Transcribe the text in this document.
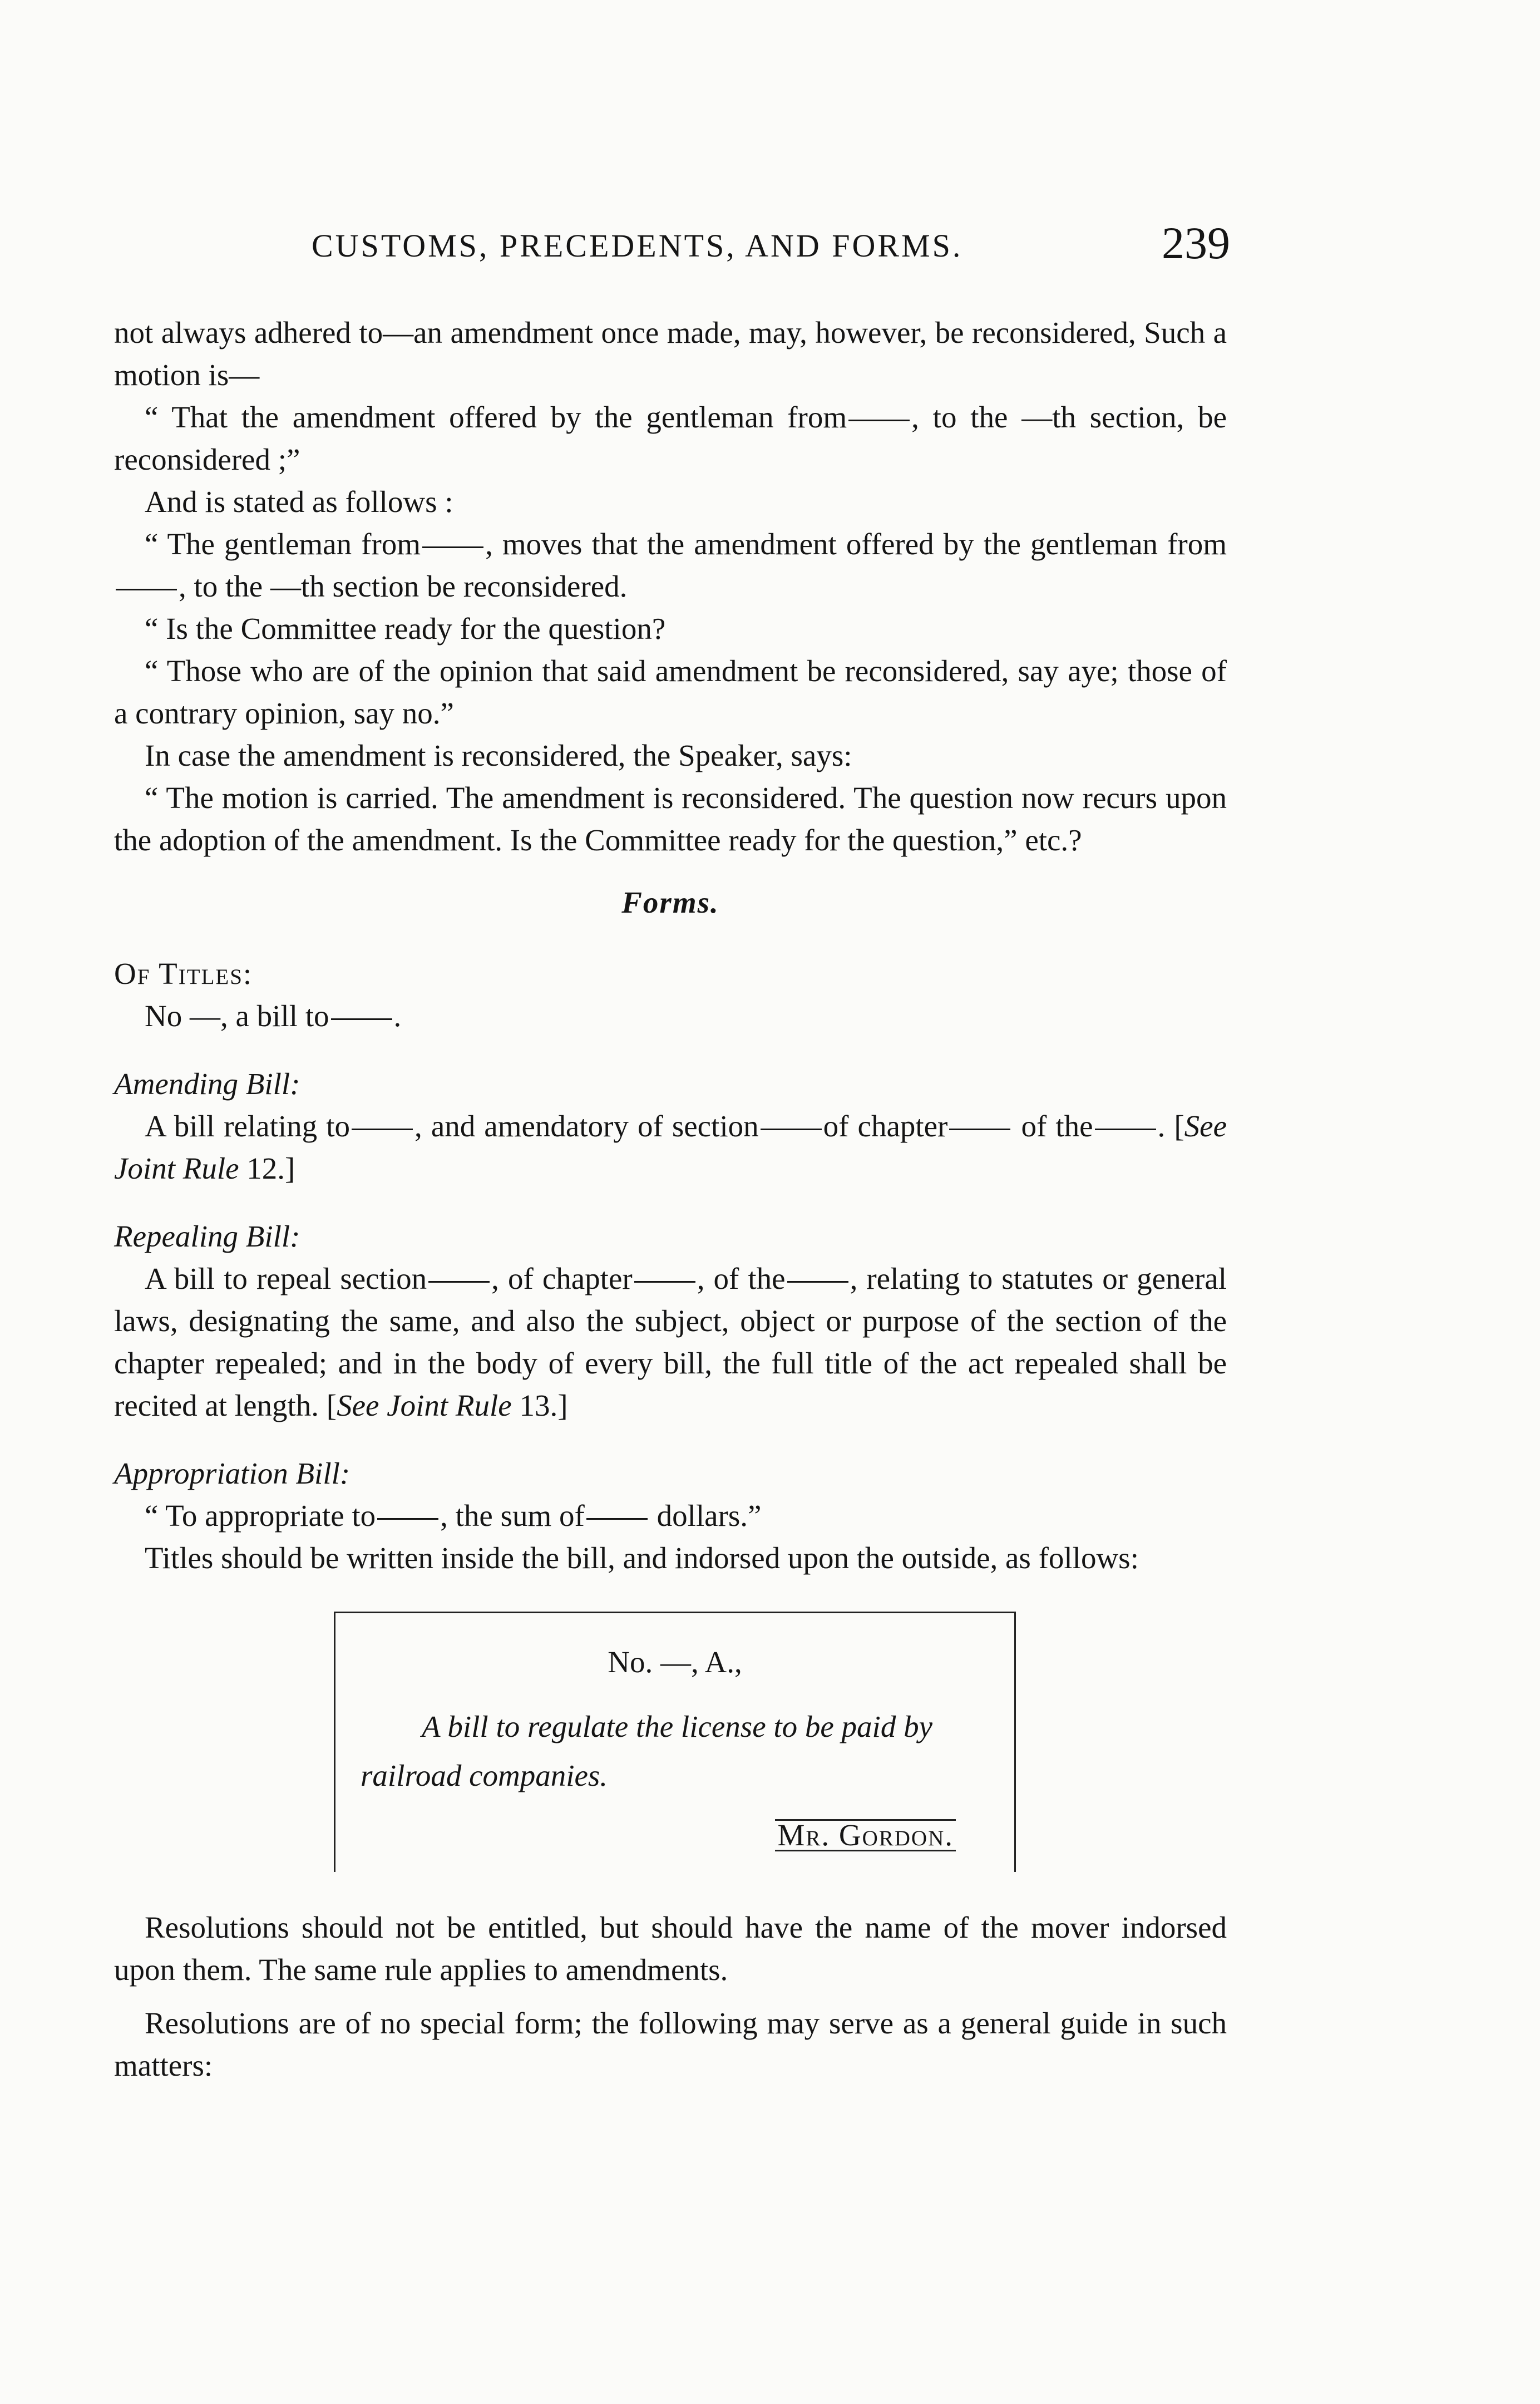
CUSTOMS, PRECEDENTS, AND FORMS.	239

not always adhered to—an amendment once made, may, however, be reconsidered, Such a motion is—

“ That the amendment offered by the gentleman from , to the —th section, be reconsidered ;”

And is stated as follows :

“ The gentleman from , moves that the amendment offered by the gentleman from, to the —th section be reconsidered.

“ Is the Committee ready for the question?

“ Those who are of the opinion that said amendment be reconsidered, say aye; those of a contrary opinion, say no.”

In case the amendment is reconsidered, the Speaker, says:

“ The motion is carried. The amendment is reconsidered. The question now recurs upon the adoption of the amendment. Is the Committee ready for the question,” etc.?

Forms.

Of Titles:

No —, a bill to .

Amending Bill:

A bill relating to , and amendatory of section of chapter of the . [See Joint Rule 12.]

Repealing Bill:

A bill to repeal section , of chapter , of the , relating to statutes or general laws, designating the same, and also the subject, object or purpose of the section of the chapter repealed; and in the body of every bill, the full title of the act repealed shall be recited at length. [See Joint Rule 13.]

Appropriation Bill:

“ To appropriate to , the sum of dollars.”

Titles should be written inside the bill, and indorsed upon the outside, as follows:

No. —, A.,
A bill to regulate the license to be paid by railroad companies.
Mr. Gordon.

Resolutions should not be entitled, but should have the name of the mover indorsed upon them. The same rule applies to amendments.

Resolutions are of no special form; the following may serve as a general guide in such matters:
